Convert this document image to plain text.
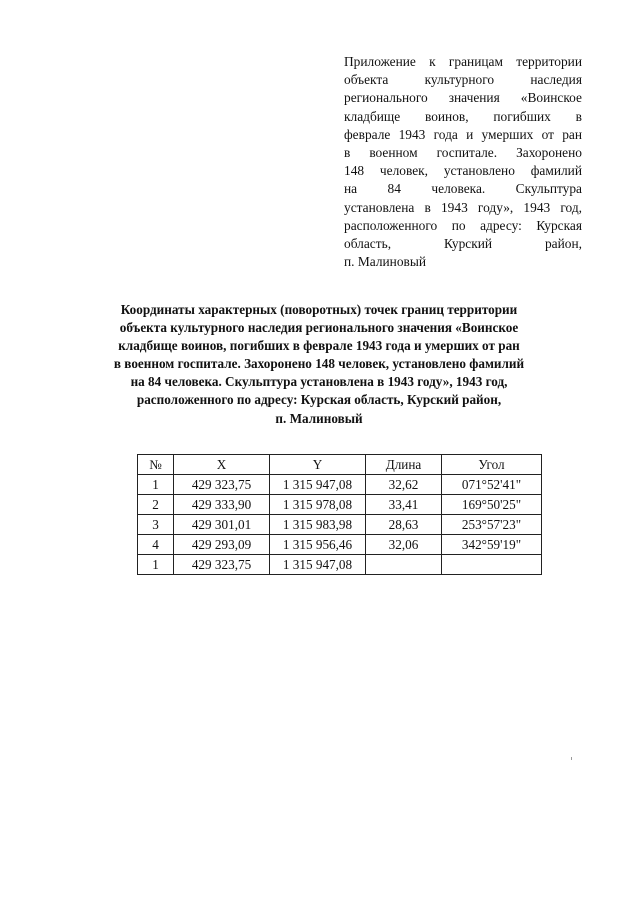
Приложение к границам территории
объекта культурного наследия
регионального значения «Воинское
кладбище воинов, погибших в
феврале 1943 года и умерших от ран
в военном госпитале. Захоронено
148 человек, установлено фамилий
на 84 человека. Скульптура
установлена в 1943 году», 1943 год,
расположенного по адресу: Курская
область, Курский район,
п. Малиновый
Координаты характерных (поворотных) точек границ территории
объекта культурного наследия регионального значения «Воинское
кладбище воинов, погибших в феврале 1943 года и умерших от ран
в военном госпитале. Захоронено 148 человек, установлено фамилий
на 84 человека. Скульптура установлена в 1943 году», 1943 год,
расположенного по адресу: Курская область, Курский район,
п. Малиновый
№	X	Y	Длина	Угол
1	429 323,75	1 315 947,08	32,62	071°52'41"
2	429 333,90	1 315 978,08	33,41	169°50'25"
3	429 301,01	1 315 983,98	28,63	253°57'23"
4	429 293,09	1 315 956,46	32,06	342°59'19"
1	429 323,75	1 315 947,08		
